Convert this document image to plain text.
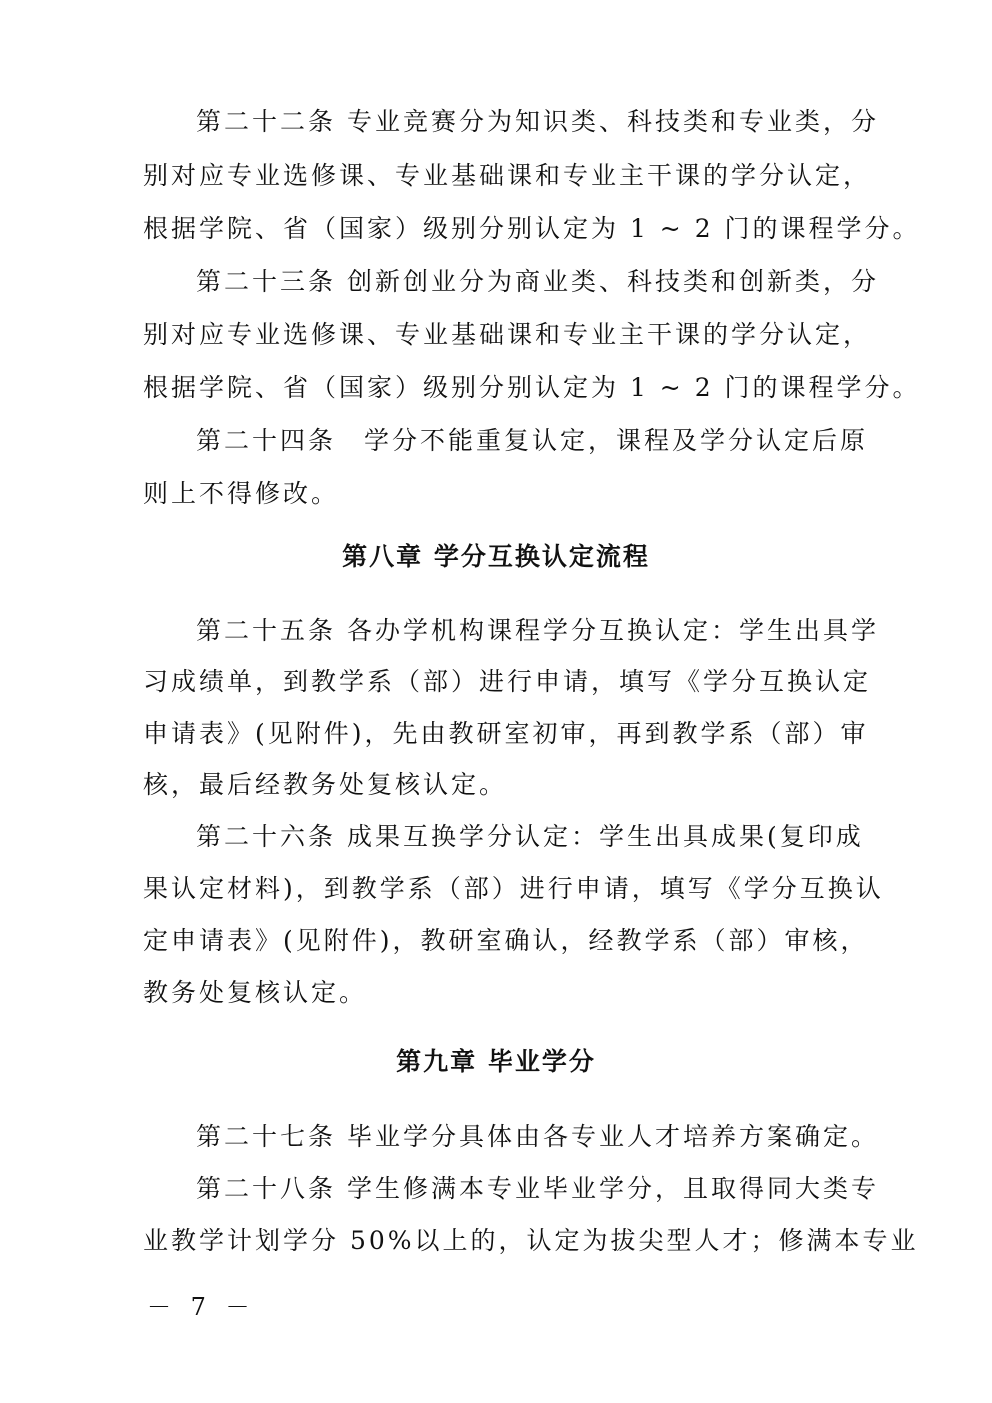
第二十二条 专业竞赛分为知识类、科技类和专业类，分
别对应专业选修课、专业基础课和专业主干课的学分认定，
根据学院、省（国家）级别分别认定为 1 ~ 2 门的课程学分。
第二十三条 创新创业分为商业类、科技类和创新类，分
别对应专业选修课、专业基础课和专业主干课的学分认定，
根据学院、省（国家）级别分别认定为 1 ~ 2 门的课程学分。
第二十四条　学分不能重复认定，课程及学分认定后原
则上不得修改。
第八章 学分互换认定流程
第二十五条 各办学机构课程学分互换认定：学生出具学
习成绩单，到教学系（部）进行申请，填写《学分互换认定
申请表》(见附件)，先由教研室初审，再到教学系（部）审
核，最后经教务处复核认定。
第二十六条 成果互换学分认定：学生出具成果(复印成
果认定材料)，到教学系（部）进行申请，填写《学分互换认
定申请表》(见附件)，教研室确认，经教学系（部）审核，
教务处复核认定。
第九章 毕业学分
第二十七条 毕业学分具体由各专业人才培养方案确定。
第二十八条 学生修满本专业毕业学分，且取得同大类专
业教学计划学分 50%以上的，认定为拔尖型人才；修满本专业
－ 7 －
